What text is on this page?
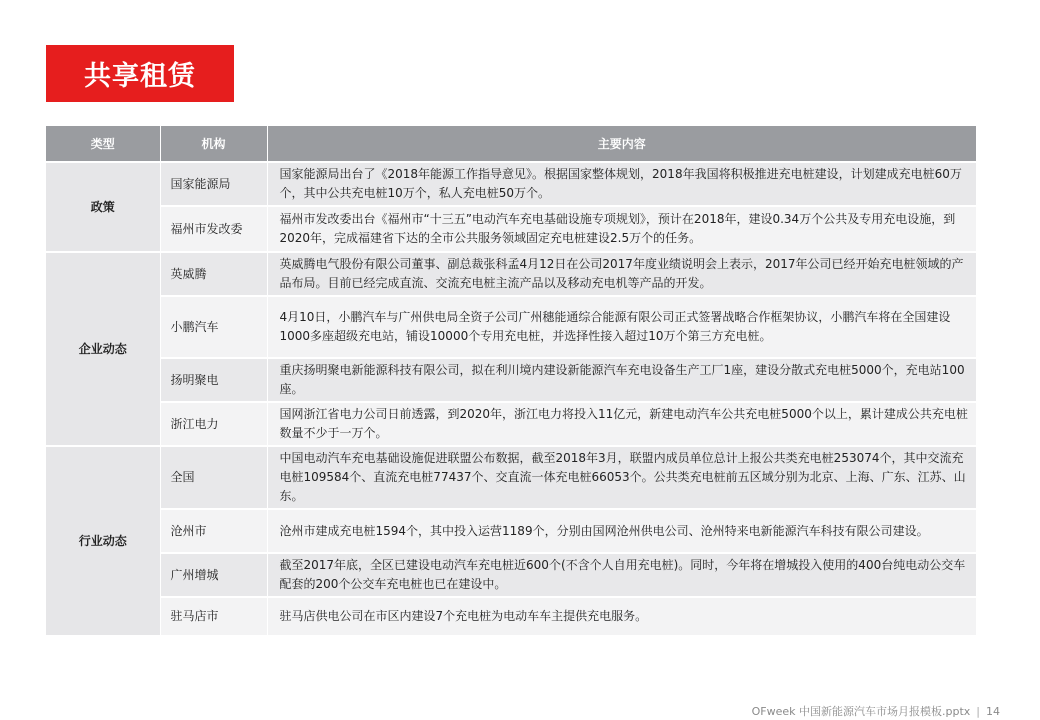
共享租赁
类型	机构	主要内容
政策	国家能源局	国家能源局出台了《2018年能源工作指导意见》。根据国家整体规划，2018年我国将积极推进充电桩建设，计划建成充电桩60万个，其中公共充电桩10万个，私人充电桩50万个。
	福州市发改委	福州市发改委出台《福州市“十三五”电动汽车充电基础设施专项规划》，预计在2018年，建设0.34万个公共及专用充电设施，到2020年，完成福建省下达的全市公共服务领域固定充电桩建设2.5万个的任务。
企业动态	英威腾	英威腾电气股份有限公司董事、副总裁张科孟4月12日在公司2017年度业绩说明会上表示，2017年公司已经开始充电桩领域的产品布局。目前已经完成直流、交流充电桩主流产品以及移动充电机等产品的开发。
	小鹏汽车	4月10日，小鹏汽车与广州供电局全资子公司广州穗能通综合能源有限公司正式签署战略合作框架协议，小鹏汽车将在全国建设1000多座超级充电站，铺设10000个专用充电桩，并选择性接入超过10万个第三方充电桩。
	扬明聚电	重庆扬明聚电新能源科技有限公司，拟在利川境内建设新能源汽车充电设备生产工厂1座，建设分散式充电桩5000个，充电站100座。
	浙江电力	国网浙江省电力公司日前透露，到2020年，浙江电力将投入11亿元，新建电动汽车公共充电桩5000个以上，累计建成公共充电桩数量不少于一万个。
行业动态	全国	中国电动汽车充电基础设施促进联盟公布数据，截至2018年3月，联盟内成员单位总计上报公共类充电桩253074个，其中交流充电桩109584个、直流充电桩77437个、交直流一体充电桩66053个。公共类充电桩前五区域分别为北京、上海、广东、江苏、山东。
	沧州市	沧州市建成充电桩1594个，其中投入运营1189个，分别由国网沧州供电公司、沧州特来电新能源汽车科技有限公司建设。
	广州增城	截至2017年底，全区已建设电动汽车充电桩近600个(不含个人自用充电桩)。同时，今年将在增城投入使用的400台纯电动公交车配套的200个公交车充电桩也已在建设中。
	驻马店市	驻马店供电公司在市区内建设7个充电桩为电动车车主提供充电服务。
OFweek 中国新能源汽车市场月报模板.pptx | 14
